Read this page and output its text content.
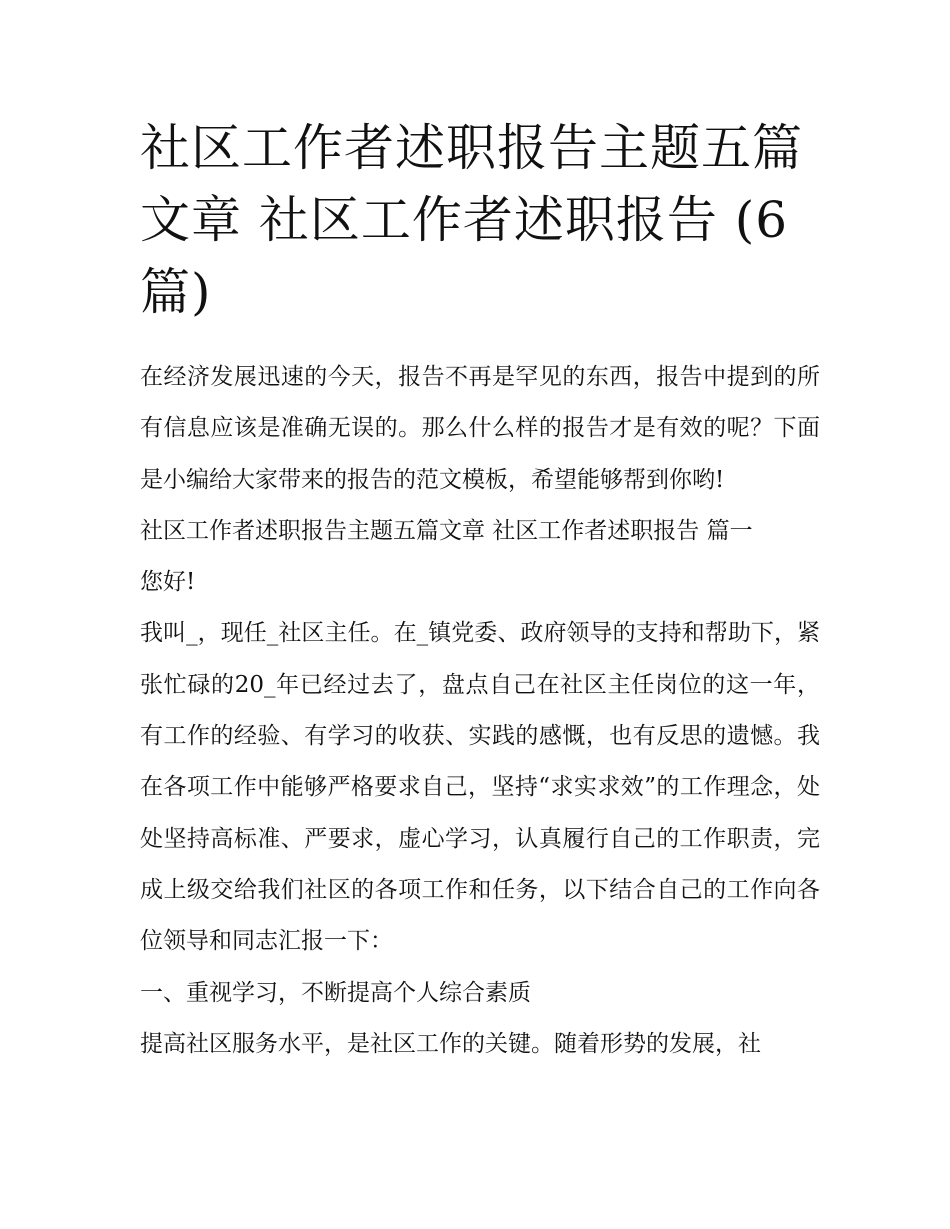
社区工作者述职报告主题五篇文章 社区工作者述职报告 (6篇)

在经济发展迅速的今天，报告不再是罕见的东西，报告中提到的所有信息应该是准确无误的。那么什么样的报告才是有效的呢？下面是小编给大家带来的报告的范文模板，希望能够帮到你哟!

社区工作者述职报告主题五篇文章 社区工作者述职报告 篇一

您好!

我叫_，现任_社区主任。在_镇党委、政府领导的支持和帮助下，紧张忙碌的20_年已经过去了，盘点自己在社区主任岗位的这一年，有工作的经验、有学习的收获、实践的感慨，也有反思的遗憾。我在各项工作中能够严格要求自己，坚持“求实求效”的工作理念，处处坚持高标准、严要求，虚心学习，认真履行自己的工作职责，完成上级交给我们社区的各项工作和任务，以下结合自己的工作向各位领导和同志汇报一下：

一、重视学习，不断提高个人综合素质

提高社区服务水平，是社区工作的关键。随着形势的发展，社
